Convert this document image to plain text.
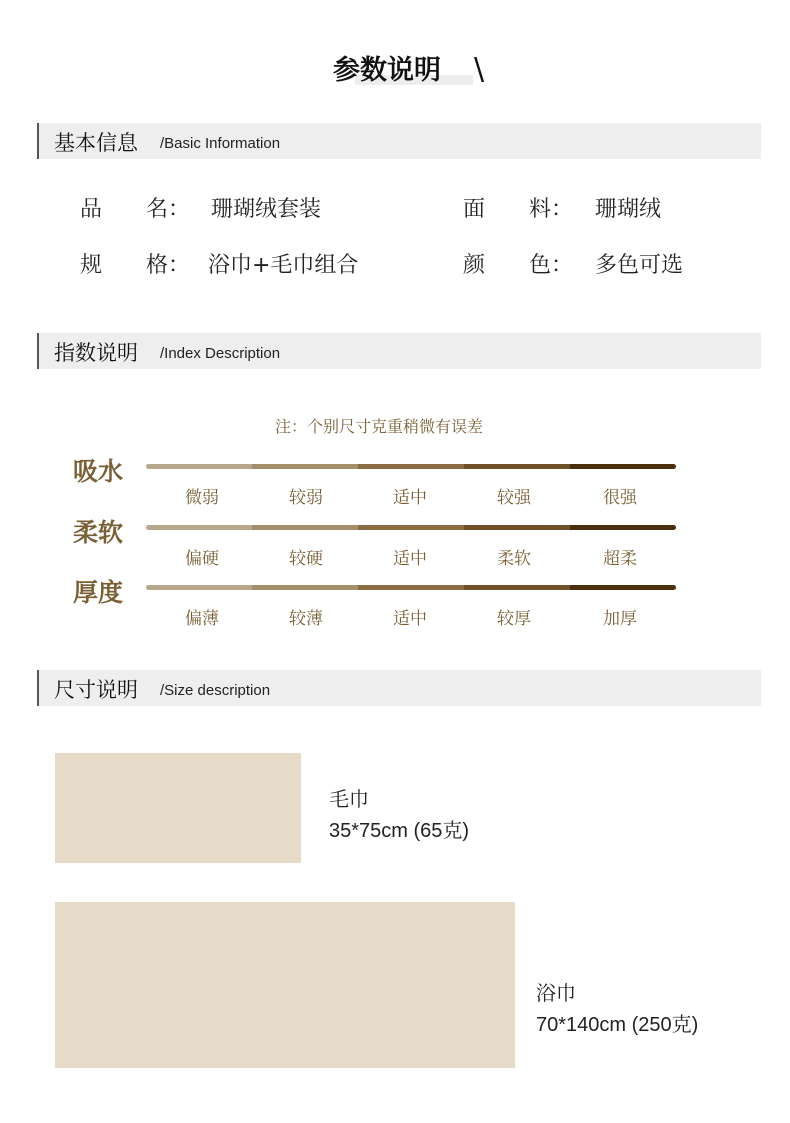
参数说明	\
基本信息 /Basic Information
品　　名： 珊瑚绒套装	面　　料： 珊瑚绒
规　　格： 浴巾+毛巾组合	颜　　色： 多色可选
指数说明 /Index Description
注：个别尺寸克重稍微有误差
吸水
微弱	较弱	适中	较强	很强
柔软
偏硬	较硬	适中	柔软	超柔
厚度
偏薄	较薄	适中	较厚	加厚
尺寸说明 /Size description
毛巾
35*75cm (65克)
浴巾
70*140cm (250克)
